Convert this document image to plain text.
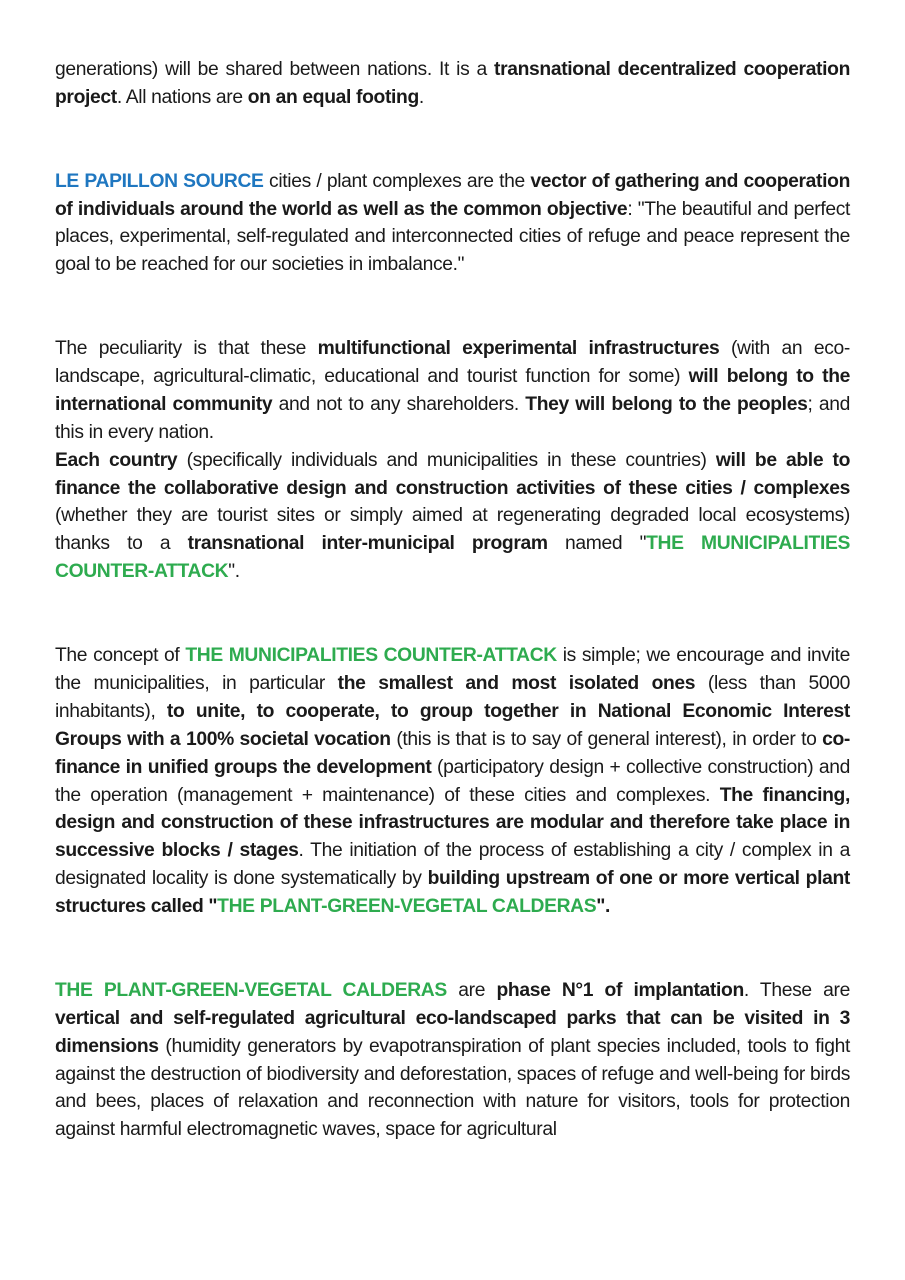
generations) will be shared between nations. It is a transnational decentralized cooperation project. All nations are on an equal footing.

LE PAPILLON SOURCE cities / plant complexes are the vector of gathering and cooperation of individuals around the world as well as the common objective: "The beautiful and perfect places, experimental, self-regulated and interconnected cities of refuge and peace represent the goal to be reached for our societies in imbalance."

The peculiarity is that these multifunctional experimental infrastructures (with an eco-landscape, agricultural-climatic, educational and tourist function for some) will belong to the international community and not to any shareholders. They will belong to the peoples; and this in every nation.

Each country (specifically individuals and municipalities in these countries) will be able to finance the collaborative design and construction activities of these cities / complexes (whether they are tourist sites or simply aimed at regenerating degraded local ecosystems) thanks to a transnational inter-municipal program named "THE MUNICIPALITIES COUNTER-ATTACK".

The concept of THE MUNICIPALITIES COUNTER-ATTACK is simple; we encourage and invite the municipalities, in particular the smallest and most isolated ones (less than 5000 inhabitants), to unite, to cooperate, to group together in National Economic Interest Groups with a 100% societal vocation (this is that is to say of general interest), in order to co-finance in unified groups the development (participatory design + collective construction) and the operation (management + maintenance) of these cities and complexes. The financing, design and construction of these infrastructures are modular and therefore take place in successive blocks / stages. The initiation of the process of establishing a city / complex in a designated locality is done systematically by building upstream of one or more vertical plant structures called "THE PLANT-GREEN-VEGETAL CALDERAS".

THE PLANT-GREEN-VEGETAL CALDERAS are phase N°1 of implantation. These are vertical and self-regulated agricultural eco-landscaped parks that can be visited in 3 dimensions (humidity generators by evapotranspiration of plant species included, tools to fight against the destruction of biodiversity and deforestation, spaces of refuge and well-being for birds and bees, places of relaxation and reconnection with nature for visitors, tools for protection against harmful electromagnetic waves, space for agricultural
